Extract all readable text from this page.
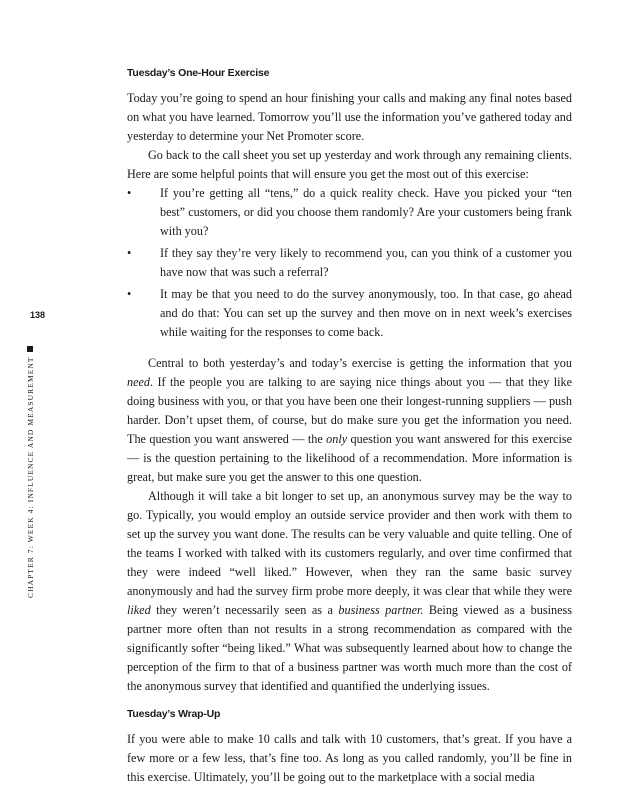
138
CHAPTER 7: WEEK 4: INFLUENCE AND MEASUREMENT
Tuesday’s One-Hour Exercise

Today you’re going to spend an hour finishing your calls and making any final notes based on what you have learned. Tomorrow you’ll use the information you’ve gathered today and yesterday to determine your Net Promoter score.

Go back to the call sheet you set up yesterday and work through any remaining clients. Here are some helpful points that will ensure you get the most out of this exercise:

• If you’re getting all “tens,” do a quick reality check. Have you picked your “ten best” customers, or did you choose them randomly? Are your customers being frank with you?
• If they say they’re very likely to recommend you, can you think of a customer you have now that was such a referral?
• It may be that you need to do the survey anonymously, too. In that case, go ahead and do that: You can set up the survey and then move on in next week’s exercises while waiting for the responses to come back.

Central to both yesterday’s and today’s exercise is getting the information that you need. If the people you are talking to are saying nice things about you — that they like doing business with you, or that you have been one their longest-running suppliers — push harder. Don’t upset them, of course, but do make sure you get the information you need. The question you want answered — the only question you want answered for this exercise — is the question pertaining to the likelihood of a recommendation. More information is great, but make sure you get the answer to this one question.

Although it will take a bit longer to set up, an anonymous survey may be the way to go. Typically, you would employ an outside service provider and then work with them to set up the survey you want done. The results can be very valuable and quite telling. One of the teams I worked with talked with its customers regularly, and over time confirmed that they were indeed “well liked.” However, when they ran the same basic survey anonymously and had the survey firm probe more deeply, it was clear that while they were liked they weren’t necessarily seen as a business partner. Being viewed as a business partner more often than not results in a strong recommendation as compared with the significantly softer “being liked.” What was subsequently learned about how to change the perception of the firm to that of a business partner was worth much more than the cost of the anonymous survey that identified and quantified the underlying issues.

Tuesday’s Wrap-Up

If you were able to make 10 calls and talk with 10 customers, that’s great. If you have a few more or a few less, that’s fine too. As long as you called randomly, you’ll be fine in this exercise. Ultimately, you’ll be going out to the marketplace with a social media
